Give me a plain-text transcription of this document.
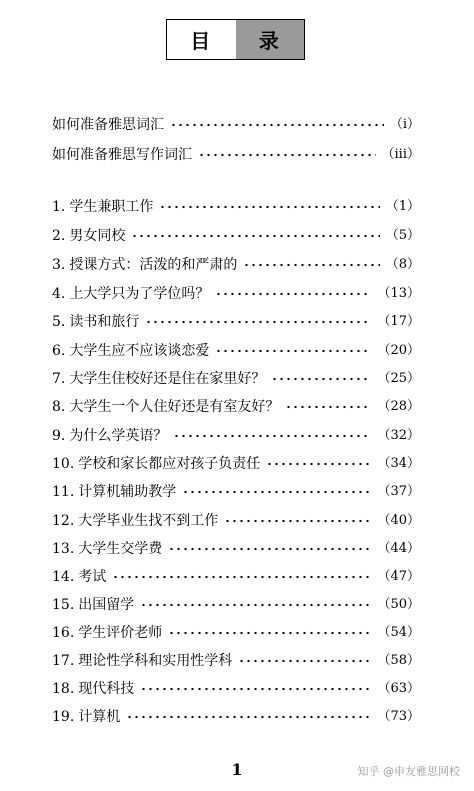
目	录
如何准备雅思词汇	（ⅰ）
如何准备雅思写作词汇	（ⅲ）
1. 学生兼职工作	（1）
2. 男女同校	（5）
3. 授课方式：活泼的和严肃的	（8）
4. 上大学只为了学位吗？	（13）
5. 读书和旅行	（17）
6. 大学生应不应该谈恋爱	（20）
7. 大学生住校好还是住在家里好？	（25）
8. 大学生一个人住好还是有室友好？	（28）
9. 为什么学英语？	（32）
10. 学校和家长都应对孩子负责任	（34）
11. 计算机辅助教学	（37）
12. 大学毕业生找不到工作	（40）
13. 大学生交学费	（44）
14. 考试	（47）
15. 出国留学	（50）
16. 学生评价老师	（54）
17. 理论性学科和实用性学科	（58）
18. 现代科技	（63）
19. 计算机	（73）
1	知乎 @申友雅思网校
